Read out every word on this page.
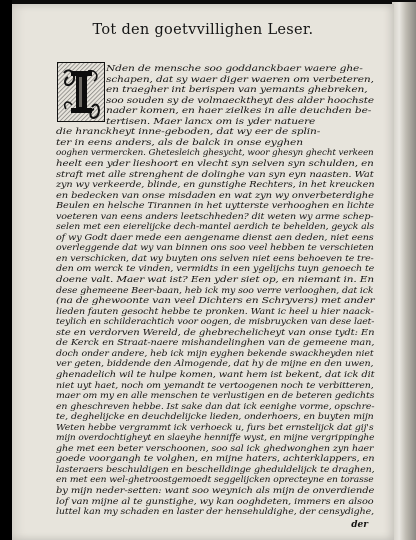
Tot den goetvvillighen Leser.
Nden de mensche soo goddanckbaer waere ghe-
schapen, dat sy waer diger waeren om verbeteren,
en traegher int berispen van yemants ghebreken,
soo souden sy de volmaecktheyt des alder hoochste
nader komen, en haer zielkes in alle deuchden be-
tertisen. Maer lancx om is yder natuere
die hranckheyt inne-geboden, dat wy eer de splin-
ter in eens anders, als de balck in onse eyghen
ooghen vermercken. Ghetesleich ghesycht, woor ghesyn ghecht verkeen
heelt een yder lieshoort en vlecht syn selven syn schulden, en
straft met alle strenghent de dolinghe van syn eyn naasten. Wat
zyn wy verkeerde, blinde, en gunstighe Rechters, in het kreucken
en bedecken van onse misdaden en wat zyn wy onverbeterdighe
Beulen en helsche Tirannen in het uytterste verhooghen en lichte
voeteren van eens anders leetschheden? dit weten wy arme schep-
selen met een eierelijcke dech-mantel aerdich te behelden, geyck als
of wy Godt daer mede een aengename dienst aen deden, niet eens
overleggende dat wy van binnen ons soo veel hebben te verschieten
en verschicken, dat wy buyten ons selven niet eens behoeven te tre-
den om werck te vinden, vermidts in een ygelijchs tuyn genoech te
doene valt. Maer wat ist? Een yder siet op, en niemant in. En
dese ghemeene Beer-baan, heb ick my soo verre verlooghen, dat ick
(na de ghewoonte van veel Dichters en Schryvers) met ander
lieden fauten gesocht hebbe te pronken. Want ic heel u hier naack-
teylich en schilderachtich voor oogen, de misbruycken van dese laet-
ste en verdorven Wereld, de ghebrechelicheyt van onse tydt: En
de Kerck en Straat-naere mishandelinghen van de gemeene man,
doch onder andere, heb ick mijn eyghen bekende swackheyden niet
ver geten, biddende den Almogende, dat hy de mijne en den uwen,
ghenadelich wil te hulpe komen, want hem ist bekent, dat ick dit
niet uyt haet, noch om yemandt te vertoogenen noch te verbitteren,
maer om my en alle menschen te verlustigen en de beteren gedichts
en gheschreven hebbe. Ist sake dan dat ick eenighe vorme, opschre-
te, deghelijcke en deuchdelijcke lieden, onderhoers, en buyten mijn
Weten hebbe vergrammt ick verhoeck u, furs bet ernstelijck dat gij's
mijn overdochtigheyt en slaeyhe henniffe wyst, en mijne vergrippinghe
ghe met een beter verschoonen, soo sal ick ghedwonghen zyn haer
goede voorgangh te volghen, en mijne haters, achterklappers, en
lasteraers beschuldigen en beschelldinge gheduldelijck te draghen,
en met een wel-ghetroostgemoedt seggelijcken oprecteyne en torasse
by mijn neder-setten: want soo weynich als mijn de onverdiende
lof van mijne al te gunstighe, wy kan ooghdeten, immers en alsoo
luttel kan my schaden en laster der hensehuldighe, der censydighe,
der
